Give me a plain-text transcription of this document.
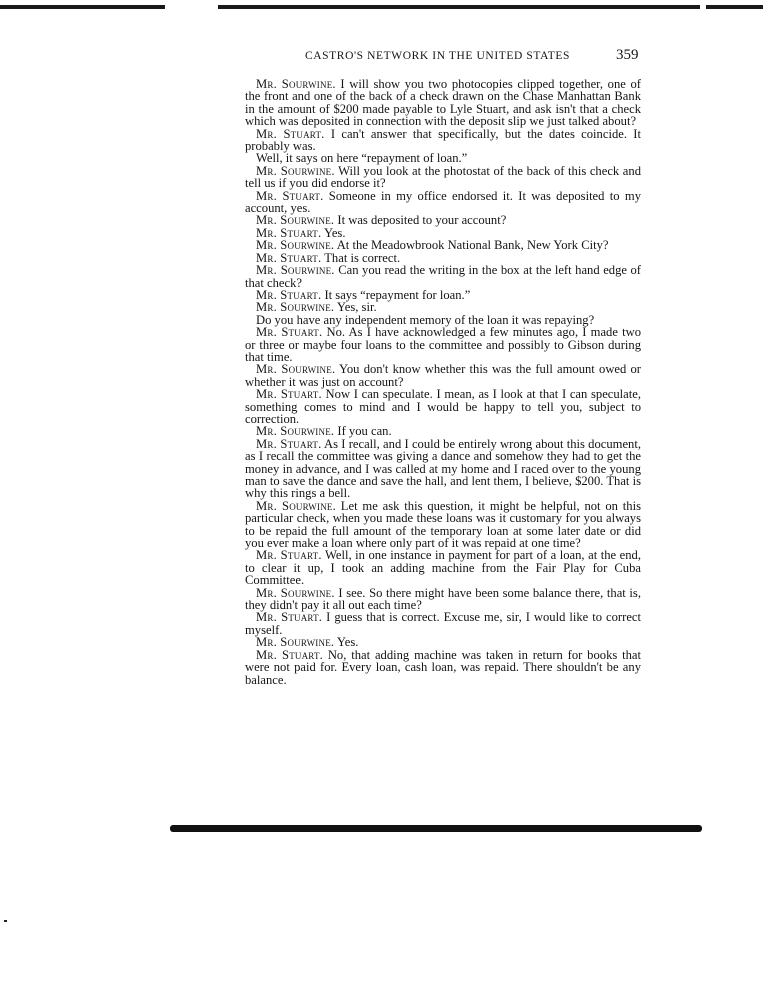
CASTRO'S NETWORK IN THE UNITED STATES	359

Mr. Sourwine. I will show you two photocopies clipped together, one of the front and one of the back of a check drawn on the Chase Manhattan Bank in the amount of $200 made payable to Lyle Stuart, and ask isn't that a check which was deposited in connection with the deposit slip we just talked about?

Mr. Stuart. I can't answer that specifically, but the dates coincide. It probably was.

Well, it says on here “repayment of loan.”

Mr. Sourwine. Will you look at the photostat of the back of this check and tell us if you did endorse it?

Mr. Stuart. Someone in my office endorsed it. It was deposited to my account, yes.

Mr. Sourwine. It was deposited to your account?

Mr. Stuart. Yes.

Mr. Sourwine. At the Meadowbrook National Bank, New York City?

Mr. Stuart. That is correct.

Mr. Sourwine. Can you read the writing in the box at the left hand edge of that check?

Mr. Stuart. It says “repayment for loan.”

Mr. Sourwine. Yes, sir.

Do you have any independent memory of the loan it was repaying?

Mr. Stuart. No. As I have acknowledged a few minutes ago, I made two or three or maybe four loans to the committee and possibly to Gibson during that time.

Mr. Sourwine. You don't know whether this was the full amount owed or whether it was just on account?

Mr. Stuart. Now I can speculate. I mean, as I look at that I can speculate, something comes to mind and I would be happy to tell you, subject to correction.

Mr. Sourwine. If you can.

Mr. Stuart. As I recall, and I could be entirely wrong about this document, as I recall the committee was giving a dance and somehow they had to get the money in advance, and I was called at my home and I raced over to the young man to save the dance and save the hall, and lent them, I believe, $200. That is why this rings a bell.

Mr. Sourwine. Let me ask this question, it might be helpful, not on this particular check, when you made these loans was it customary for you always to be repaid the full amount of the temporary loan at some later date or did you ever make a loan where only part of it was repaid at one time?

Mr. Stuart. Well, in one instance in payment for part of a loan, at the end, to clear it up, I took an adding machine from the Fair Play for Cuba Committee.

Mr. Sourwine. I see. So there might have been some balance there, that is, they didn't pay it all out each time?

Mr. Stuart. I guess that is correct. Excuse me, sir, I would like to correct myself.

Mr. Sourwine. Yes.

Mr. Stuart. No, that adding machine was taken in return for books that were not paid for. Every loan, cash loan, was repaid. There shouldn't be any balance.
